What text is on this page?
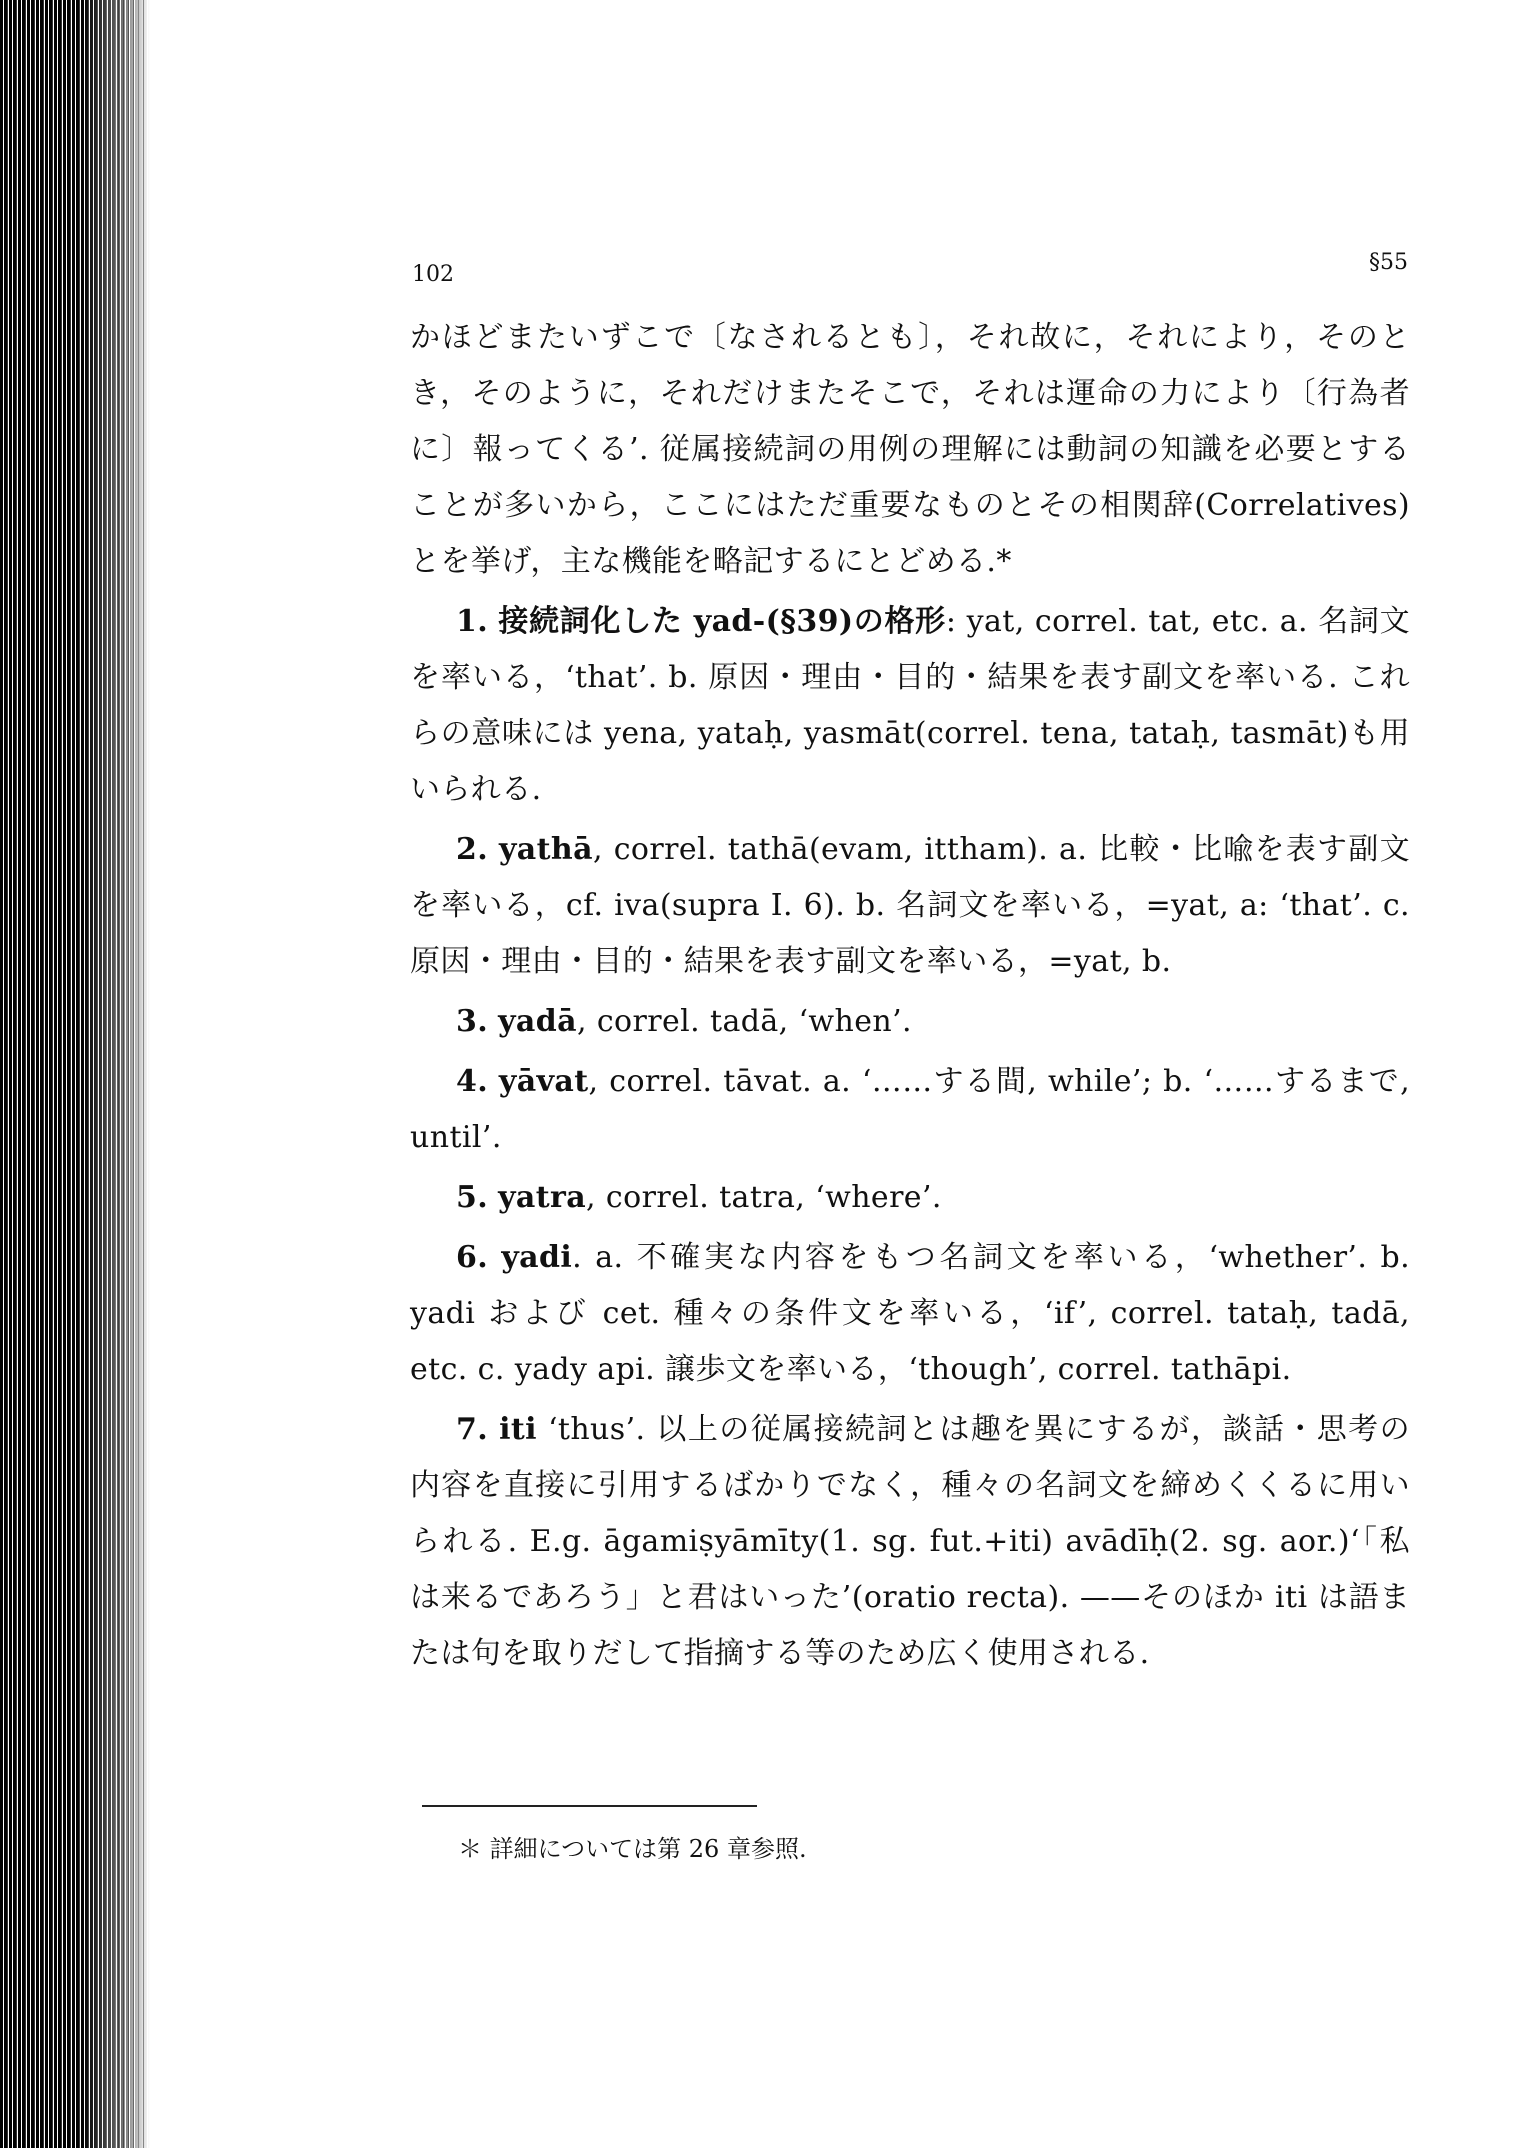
102	§55

かほどまたいずこで〔なされるとも〕，それ故に，それにより，そのとき，そのように，それだけまたそこで，それは運命の力により〔行為者に〕報ってくる’. 従属接続詞の用例の理解には動詞の知識を必要とすることが多いから，ここにはただ重要なものとその相関辞(Correlatives)とを挙げ，主な機能を略記するにとどめる.*

1. 接続詞化した yad-(§39)の格形: yat, correl. tat, etc. a. 名詞文を率いる，‘that’. b. 原因・理由・目的・結果を表す副文を率いる. これらの意味には yena, yataḥ, yasmāt(correl. tena, tataḥ, tasmāt)も用いられる.

2. yathā, correl. tathā(evam, ittham). a. 比較・比喩を表す副文を率いる，cf. iva(supra I. 6). b. 名詞文を率いる，=yat, a: ‘that’. c. 原因・理由・目的・結果を表す副文を率いる，=yat, b.

3. yadā, correl. tadā, ‘when’.

4. yāvat, correl. tāvat. a. ‘……する間, while’; b. ‘……するまで, until’.

5. yatra, correl. tatra, ‘where’.

6. yadi. a. 不確実な内容をもつ名詞文を率いる，‘whether’. b. yadi および cet. 種々の条件文を率いる，‘if’, correl. tataḥ, tadā, etc. c. yady api. 譲歩文を率いる，‘though’, correl. tathāpi.

7. iti ‘thus’. 以上の従属接続詞とは趣を異にするが，談話・思考の内容を直接に引用するばかりでなく，種々の名詞文を締めくくるに用いられる. E.g. āgamiṣyāmīty(1. sg. fut.+iti) avādīḥ(2. sg. aor.)‘「私は来るであろう」と君はいった’(oratio recta). ——そのほか iti は語または句を取りだして指摘する等のため広く使用される.

＊ 詳細については第 26 章参照.
